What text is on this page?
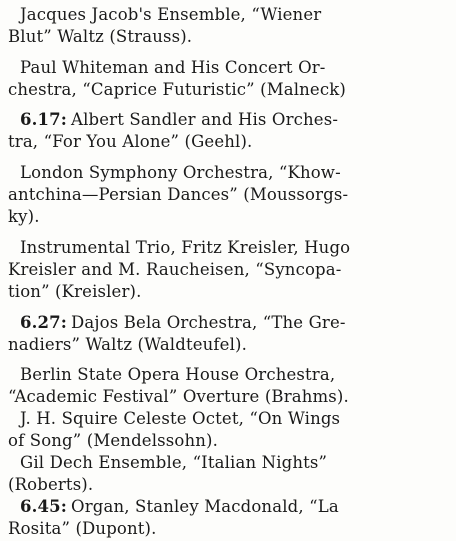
Jacques Jacob's Ensemble, “Wiener
Blut” Waltz (Strauss).

Paul Whiteman and His Concert Or-
chestra, “Caprice Futuristic” (Malneck)

6.17: Albert Sandler and His Orches-
tra, “For You Alone” (Geehl).

London Symphony Orchestra, “Khow-
antchina—Persian Dances” (Moussorgs-
ky).

Instrumental Trio, Fritz Kreisler, Hugo
Kreisler and M. Raucheisen, “Syncopa-
tion” (Kreisler).

6.27: Dajos Bela Orchestra, “The Gre-
nadiers” Waltz (Waldteufel).

Berlin State Opera House Orchestra,
“Academic Festival” Overture (Brahms).

J. H. Squire Celeste Octet, “On Wings
of Song” (Mendelssohn).

Gil Dech Ensemble, “Italian Nights”
(Roberts).

6.45: Organ, Stanley Macdonald, “La
Rosita” (Dupont).
